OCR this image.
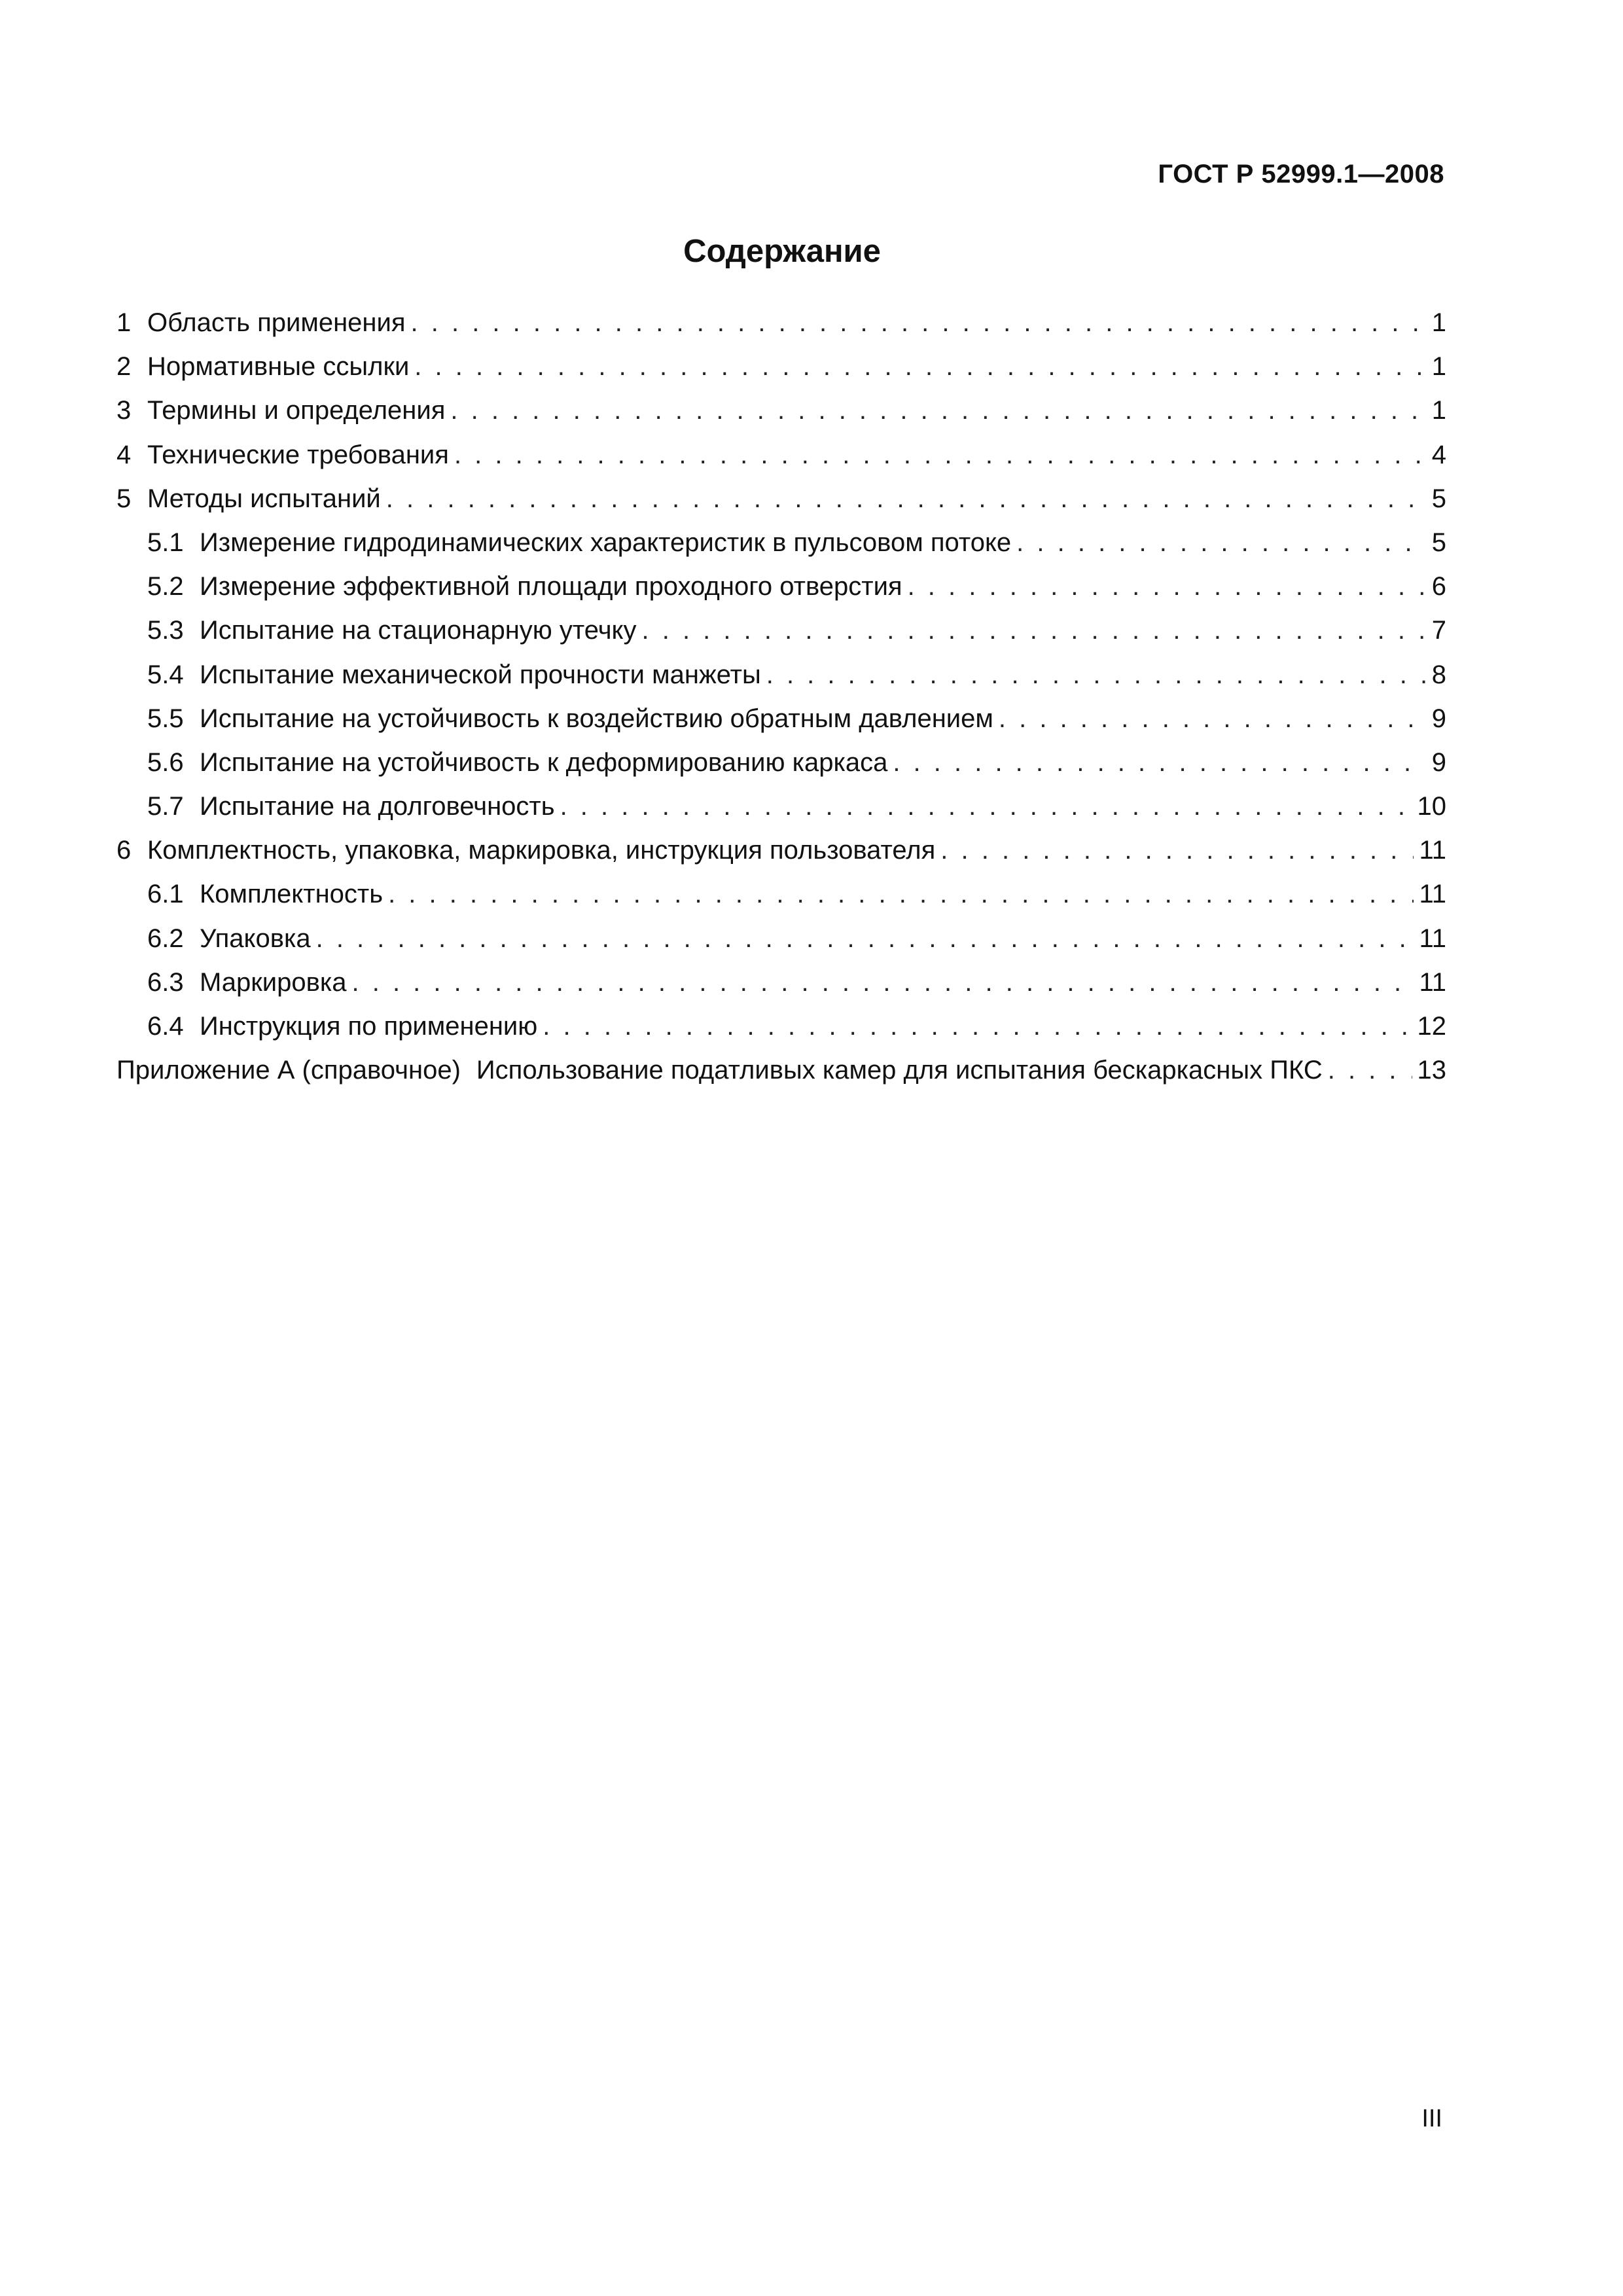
ГОСТ Р 52999.1—2008
Содержание
1 Область применения . . .	1
2 Нормативные ссылки . . .	1
3 Термины и определения . . .	1
4 Технические требования . . .	4
5 Методы испытаний . . .	5
5.1 Измерение гидродинамических характеристик в пульсовом потоке . . .	5
5.2 Измерение эффективной площади проходного отверстия . . .	6
5.3 Испытание на стационарную утечку . . .	7
5.4 Испытание механической прочности манжеты . . .	8
5.5 Испытание на устойчивость к воздействию обратным давлением . . .	9
5.6 Испытание на устойчивость к деформированию каркаса . . .	9
5.7 Испытание на долговечность . . .	10
6 Комплектность, упаковка, маркировка, инструкция пользователя . . .	11
6.1 Комплектность . . .	11
6.2 Упаковка . . .	11
6.3 Маркировка . . .	11
6.4 Инструкция по применению . . .	12
Приложение А (справочное) Использование податливых камер для испытания бескаркасных ПКС . . .	13
III
